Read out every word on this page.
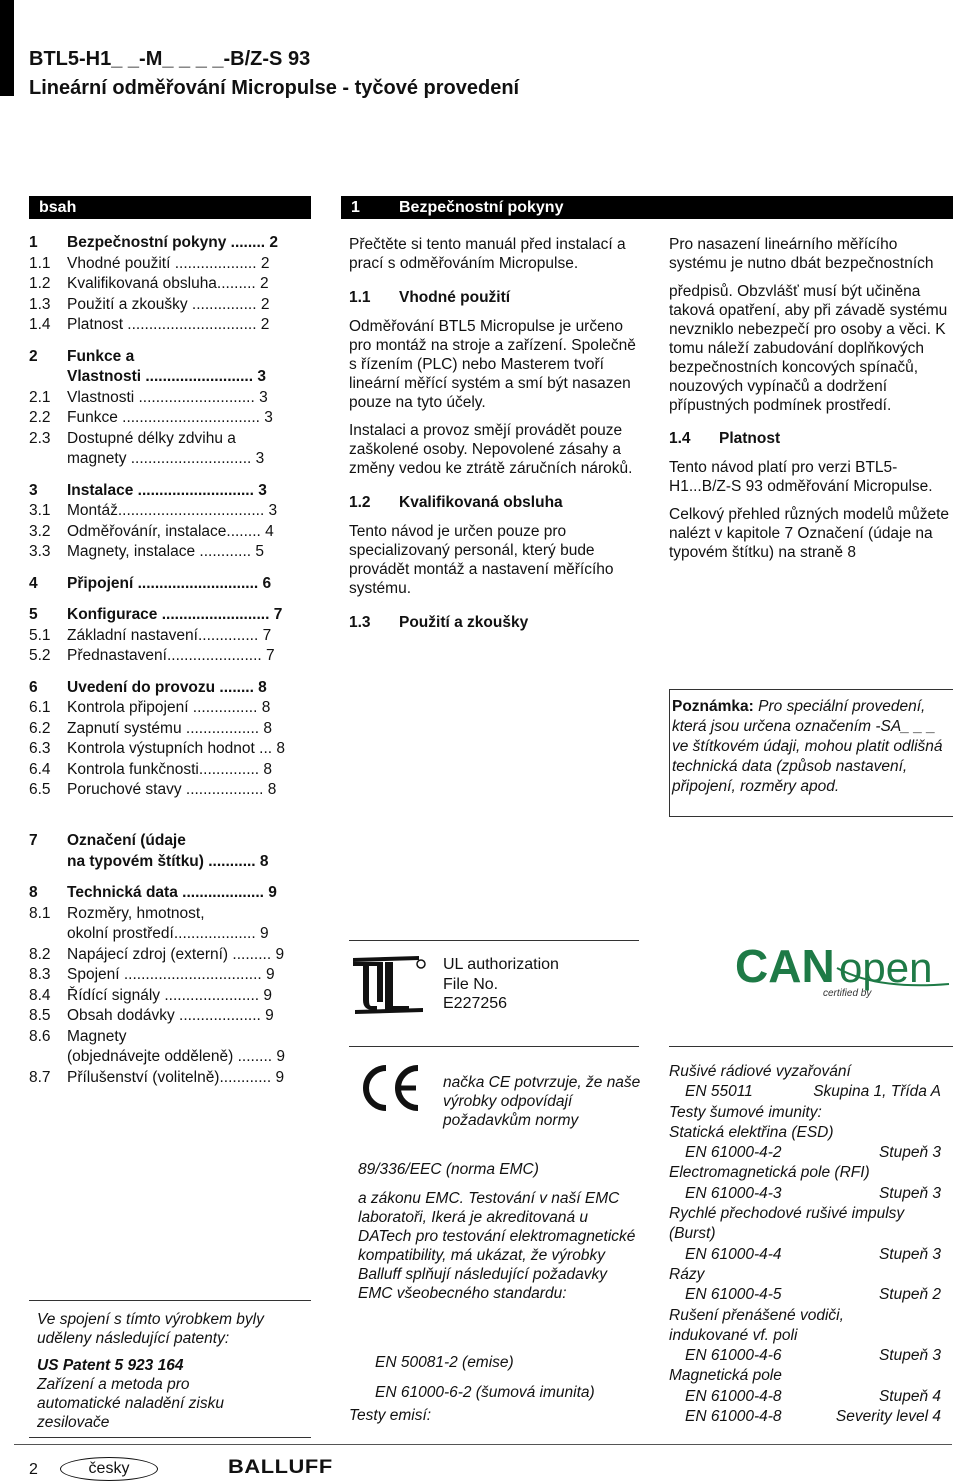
BTL5-H1_ _-M_ _ _ _-B/Z-S 93
Lineární odměřování Micropulse - tyčové provedení
bsah
1	Bezpečnostní pokyny ........ 2
1.1	Vhodné použití ................... 2
1.2	Kvalifikovaná obsluha......... 2
1.3	Použití a zkoušky ............... 2
1.4	Platnost .............................. 2
2	Funkce a
Vlastnosti ......................... 3
2.1	Vlastnosti ........................... 3
2.2	Funkce ................................ 3
2.3	Dostupné délky zdvihu a
magnety ............................ 3
3	Instalace ........................... 3
3.1	Montáž.................................. 3
3.2	Odměřovánír, instalace........ 4
3.3	Magnety, instalace ............ 5
4	Připojení ............................ 6
5	Konfigurace ......................... 7
5.1	Základní nastavení.............. 7
5.2	Přednastavení...................... 7
6	Uvedení do provozu ........ 8
6.1	Kontrola připojení ............... 8
6.2	Zapnutí systému ................. 8
6.3	Kontrola výstupních hodnot ... 8
6.4	Kontrola funkčnosti.............. 8
6.5	Poruchové stavy .................. 8
7	Označení (údaje
na typovém štítku) ........... 8
8	Technická data ................... 9
8.1	Rozměry, hmotnost,
okolní prostředí................... 9
8.2	Napájecí zdroj (externí) ......... 9
8.3	Spojení ................................ 9
8.4	Řídící signály ...................... 9
8.5	Obsah dodávky ................... 9
8.6	Magnety
(objednávejte odděleně) ........ 9
8.7	Přílušenství (volitelně)............ 9
Ve spojení s tímto výrobkem byly
uděleny následující patenty:
US Patent 5 923 164
Zařízení a metoda pro
automatické naladění zisku
zesilovače
2	česky	BALLUFF
1	Bezpečnostní pokyny

Přečtěte si tento manuál před instalací a prací s odměřováním Micropulse.

1.1	Vhodné použití

Odměřování BTL5 Micropulse je určeno pro montáž na stroje a zařízení. Společně s řízením (PLC) nebo Masterem tvoří lineární měřící systém a smí být nasazen pouze na tyto účely.

Instalaci a provoz smějí provádět pouze zaškolené osoby. Nepovolené zásahy a změny vedou ke ztrátě záručních nároků.

1.2	Kvalifikovaná obsluha

Tento návod je určen pouze pro specializovaný personál, který bude provádět montáž a nastavení měřícího systému.

1.3	Použití a zkoušky

Pro nasazení lineárního měřícího systému je nutno dbát bezpečnostních

předpisů. Obzvlášť musí být učiněna taková opatření, aby při závadě systému nevzniklo nebezpečí pro osoby a věci. K tomu náleží zabudování doplňkových bezpečnostních koncových spínačů, nouzových vypínačů a dodržení přípustných podmínek prostředí.

1.4	Platnost

Tento návod platí pro verzi BTL5-H1...B/Z-S 93 odměřování Micropulse.

Celkový přehled různých modelů můžete nalézt v kapitole 7 Označení (údaje na typovém štítku) na straně 8

Poznámka: Pro speciální provedení, která jsou určena označením -SA_ _ _ ve štítkovém údaji, mohou platit odlišná technická data (způsob nastavení, připojení, rozměry apod.
UL authorization
File No.
E227256
CAN open
certified by
načka CE potvrzuje, že naše výrobky odpovídají požadavkům normy
89/336/EEC (norma EMC)
a zákonu EMC. Testování v naší EMC laboratoři, Ikerá je akreditovaná u DATech pro testování elektromagnetické kompatibility, má ukázat, že výrobky Balluff splňují následující požadavky EMC všeobecného standardu:
EN 50081-2 (emise)
EN 61000-6-2 (šumová imunita)
Testy emisí:
Rušivé rádiové vyzařování
EN 55011	Skupina 1, Třída A
Testy šumové imunity:
Statická elektřina (ESD)
EN 61000-4-2	Stupeň 3
Electromagnetická pole (RFI)
EN 61000-4-3	Stupeň 3
Rychlé přechodové rušivé impulsy
(Burst)
EN 61000-4-4	Stupeň 3
Rázy
EN 61000-4-5	Stupeň 2
Rušení přenášené vodiči,
indukované vf. poli
EN 61000-4-6	Stupeň 3
Magnetická pole
EN 61000-4-8	Stupeň 4
EN 61000-4-8	Severity level 4
